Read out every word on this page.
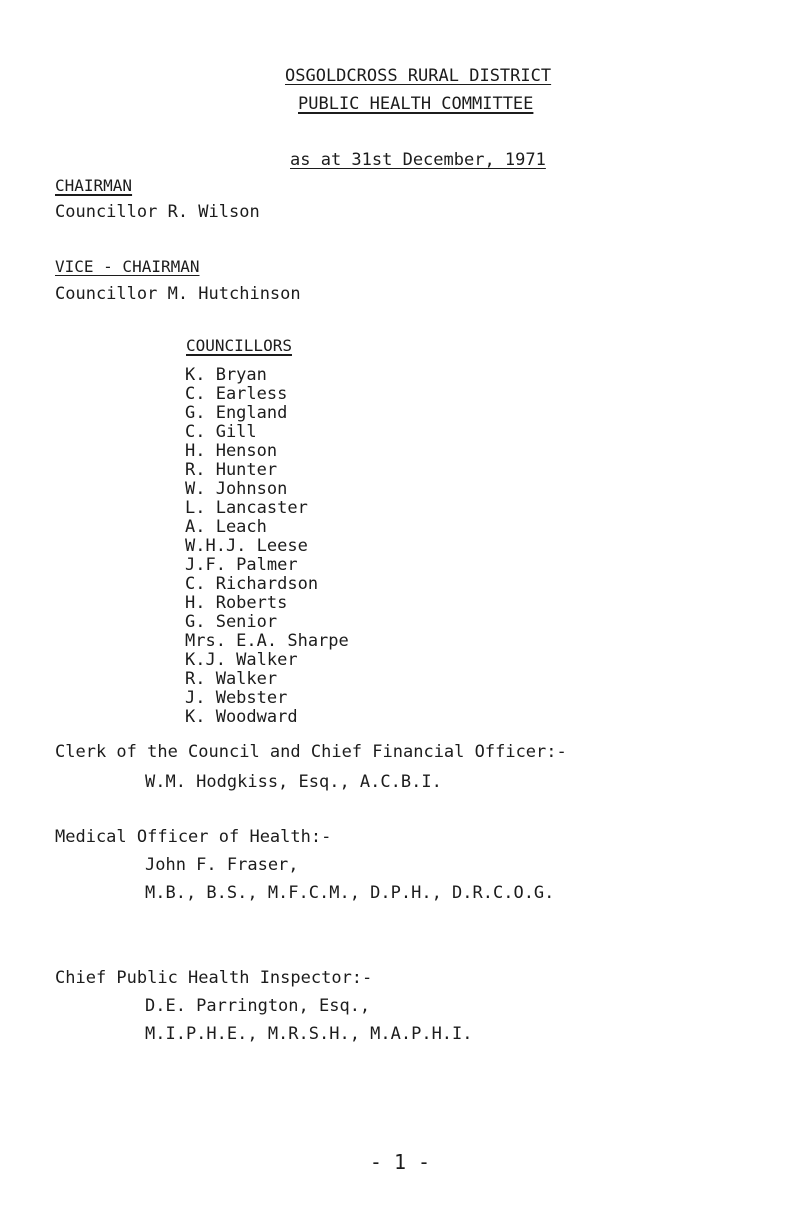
OSGOLDCROSS RURAL DISTRICT
PUBLIC HEALTH COMMITTEE
as at 31st December, 1971
CHAIRMAN
Councillor R. Wilson
VICE - CHAIRMAN
Councillor M. Hutchinson
COUNCILLORS
K. Bryan
C. Earless
G. England
C. Gill
H. Henson
R. Hunter
W. Johnson
L. Lancaster
A. Leach
W.H.J. Leese
J.F. Palmer
C. Richardson
H. Roberts
G. Senior
Mrs. E.A. Sharpe
K.J. Walker
R. Walker
J. Webster
K. Woodward
Clerk of the Council and Chief Financial Officer:-
W.M. Hodgkiss, Esq., A.C.B.I.
Medical Officer of Health:-
John F. Fraser,
M.B., B.S., M.F.C.M., D.P.H., D.R.C.O.G.
Chief Public Health Inspector:-
D.E. Parrington, Esq.,
M.I.P.H.E., M.R.S.H., M.A.P.H.I.
- 1 -
